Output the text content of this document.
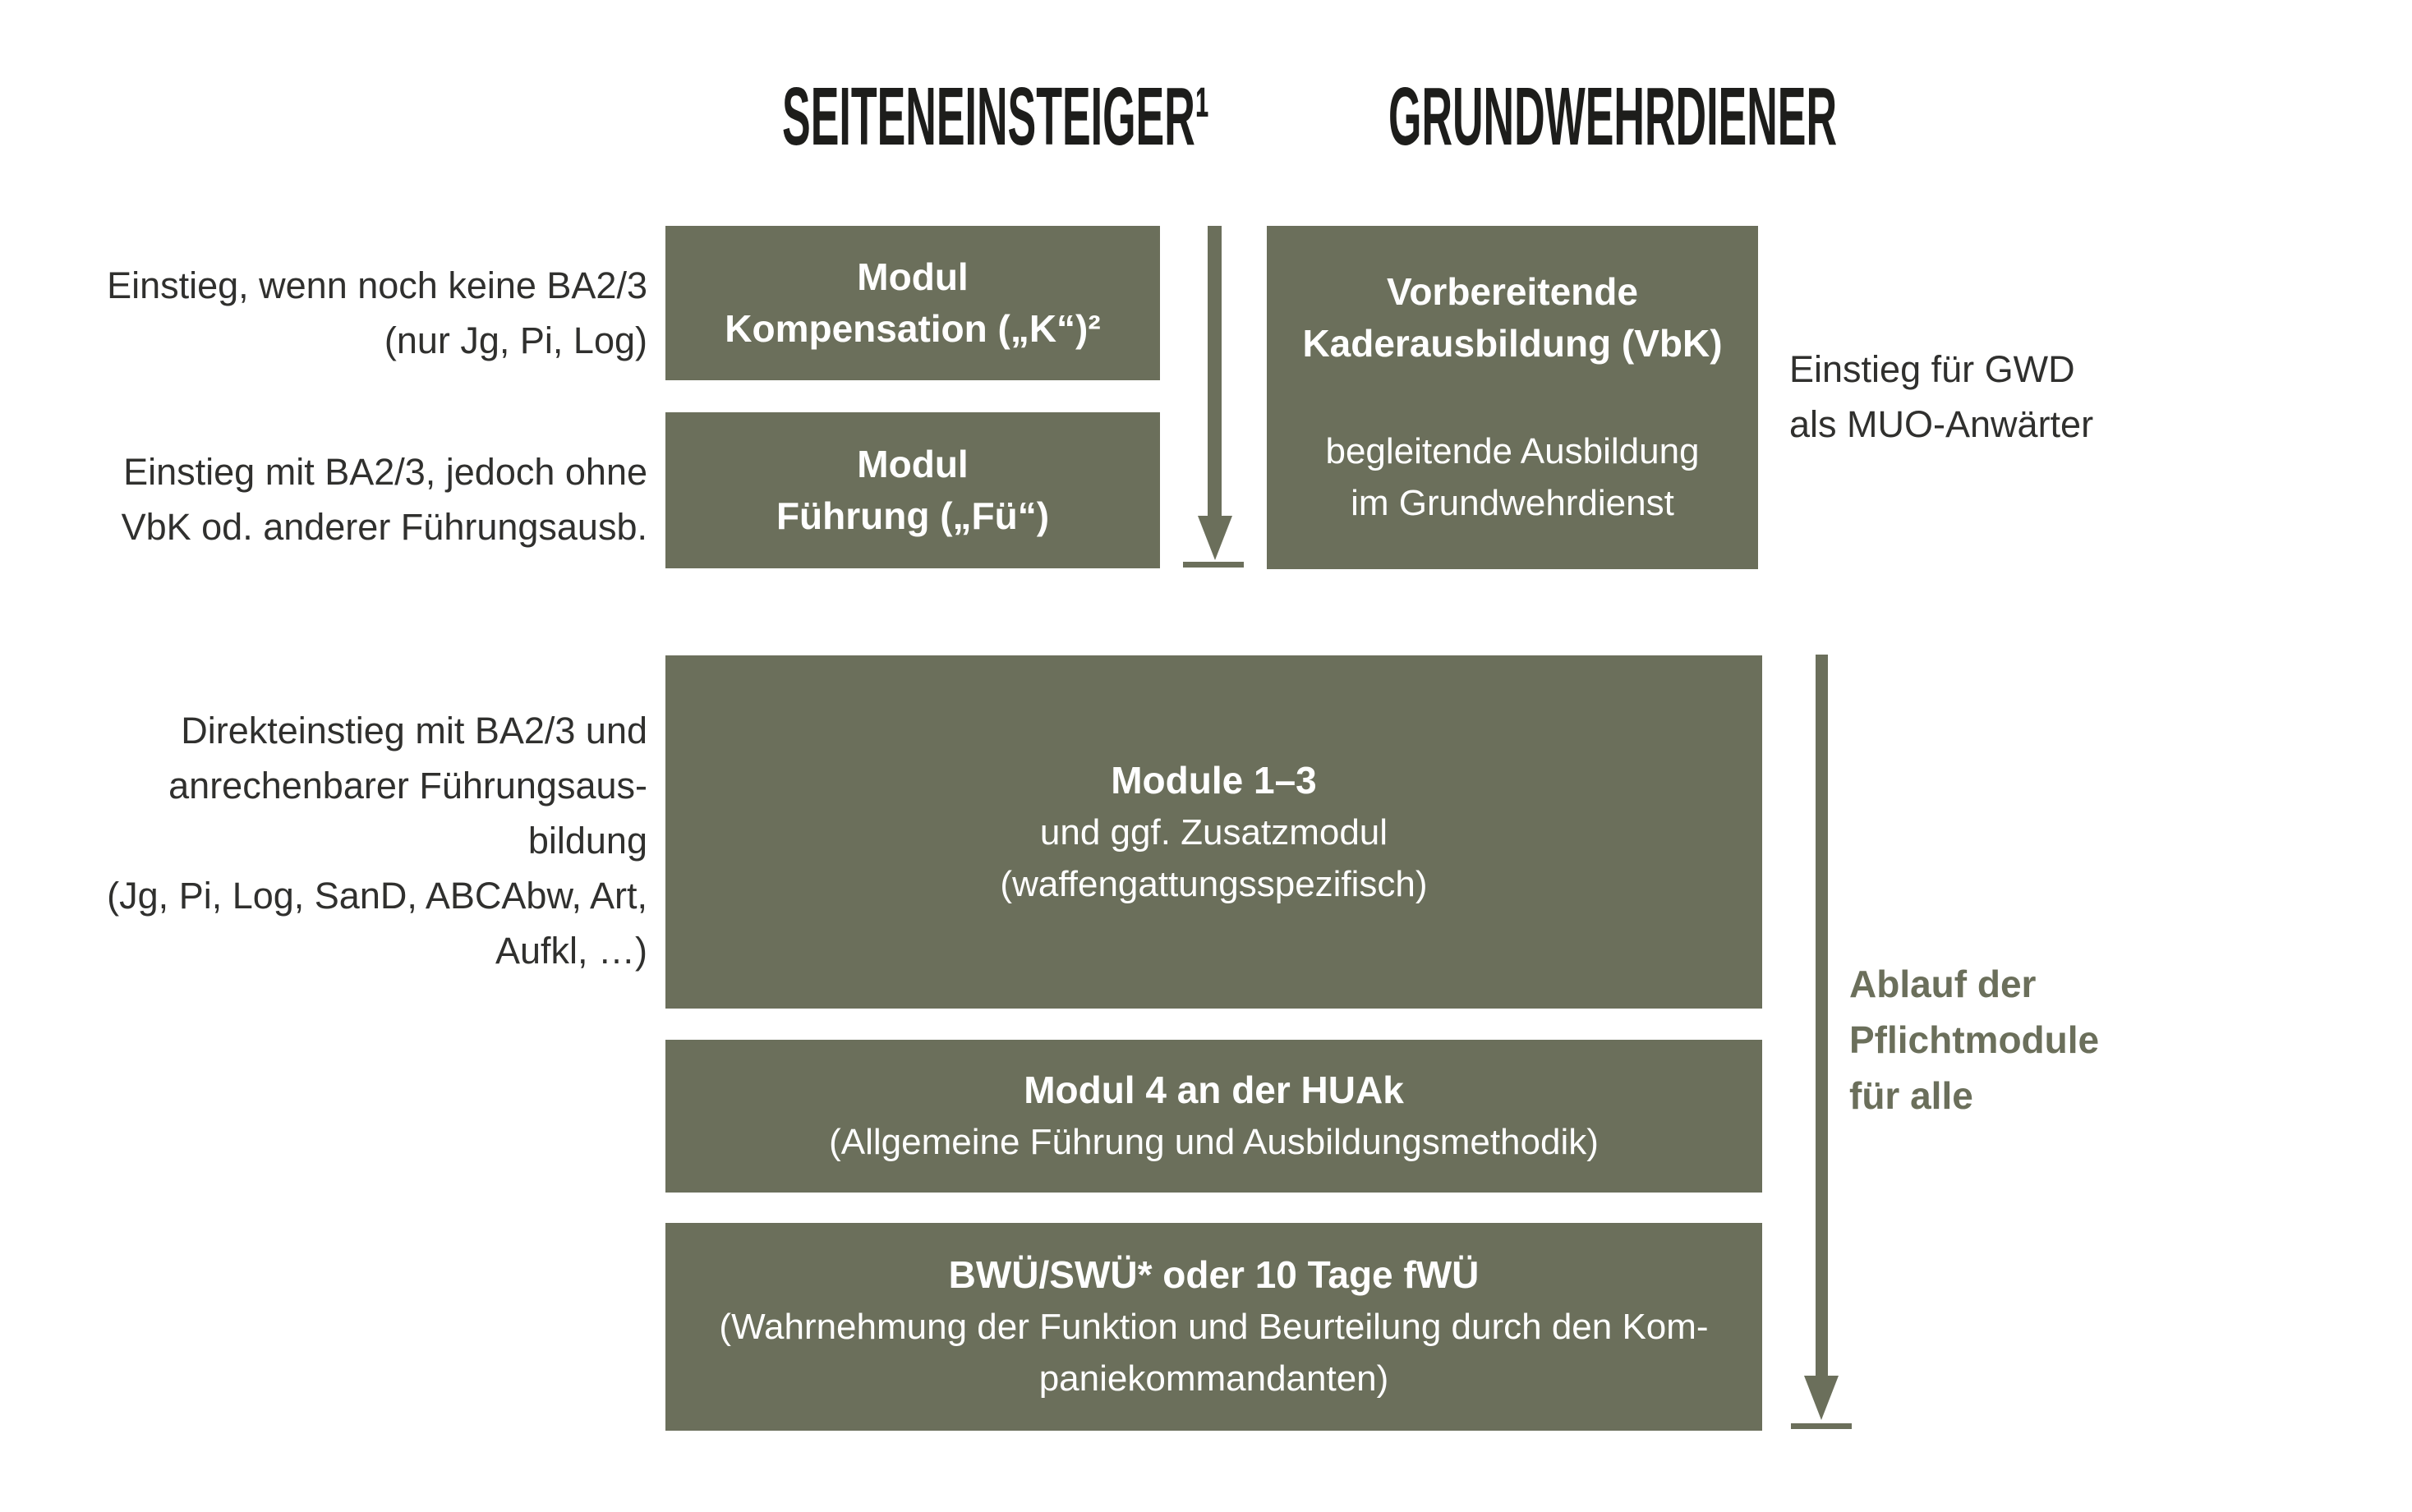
SEITENEINSTEIGER¹	GRUNDWEHRDIENER
Einstieg, wenn noch keine BA2/3
(nur Jg, Pi, Log)
Einstieg mit BA2/3, jedoch ohne
VbK od. anderer Führungsausb.
Direkteinstieg mit BA2/3 und
anrechenbarer Führungsaus-
bildung
(Jg, Pi, Log, SanD, ABCAbw, Art,
Aufkl, …)
Einstieg für GWD
als MUO-Anwärter
Ablauf der
Pflichtmodule
für alle
Modul
Kompensation („K“)²
Modul
Führung („Fü“)
Vorbereitende
Kaderausbildung (VbK)
begleitende Ausbildung
im Grundwehrdienst
Module 1–3
und ggf. Zusatzmodul
(waffengattungsspezifisch)
Modul 4 an der HUAk
(Allgemeine Führung und Ausbildungsmethodik)
BWÜ/SWÜ* oder 10 Tage fWÜ
(Wahrnehmung der Funktion und Beurteilung durch den Kom-
paniekommandanten)
